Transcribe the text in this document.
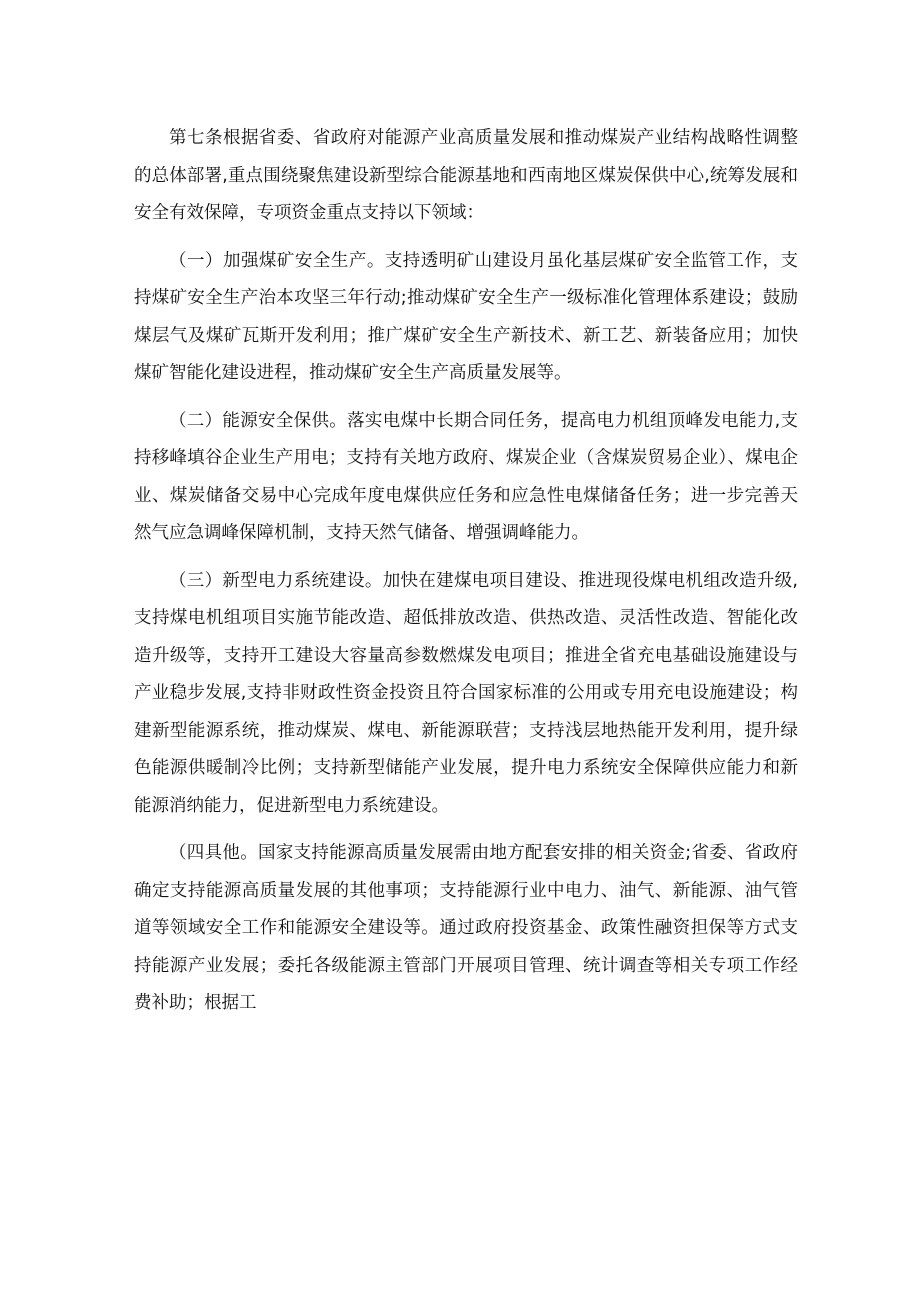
第七条根据省委、省政府对能源产业高质量发展和推动煤炭产业结构战略性调整的总体部署,重点围绕聚焦建设新型综合能源基地和西南地区煤炭保供中心,统筹发展和安全有效保障，专项资金重点支持以下领域：

（一）加强煤矿安全生产。支持透明矿山建设月虽化基层煤矿安全监管工作，支持煤矿安全生产治本攻坚三年行动;推动煤矿安全生产一级标准化管理体系建设；鼓励煤层气及煤矿瓦斯开发利用；推广煤矿安全生产新技术、新工艺、新装备应用；加快煤矿智能化建设进程，推动煤矿安全生产高质量发展等。

（二）能源安全保供。落实电煤中长期合同任务，提高电力机组顶峰发电能力,支持移峰填谷企业生产用电；支持有关地方政府、煤炭企业（含煤炭贸易企业）、煤电企业、煤炭储备交易中心完成年度电煤供应任务和应急性电煤储备任务；进一步完善天然气应急调峰保障机制，支持天然气储备、增强调峰能力。

（三）新型电力系统建设。加快在建煤电项目建设、推进现役煤电机组改造升级,支持煤电机组项目实施节能改造、超低排放改造、供热改造、灵活性改造、智能化改造升级等，支持开工建设大容量高参数燃煤发电项目；推进全省充电基础设施建设与产业稳步发展,支持非财政性资金投资且符合国家标准的公用或专用充电设施建设；构建新型能源系统，推动煤炭、煤电、新能源联营；支持浅层地热能开发利用，提升绿色能源供暖制冷比例；支持新型储能产业发展，提升电力系统安全保障供应能力和新能源消纳能力，促进新型电力系统建设。

（四具他。国家支持能源高质量发展需由地方配套安排的相关资金;省委、省政府确定支持能源高质量发展的其他事项；支持能源行业中电力、油气、新能源、油气管道等领域安全工作和能源安全建设等。通过政府投资基金、政策性融资担保等方式支持能源产业发展；委托各级能源主管部门开展项目管理、统计调查等相关专项工作经费补助；根据工
